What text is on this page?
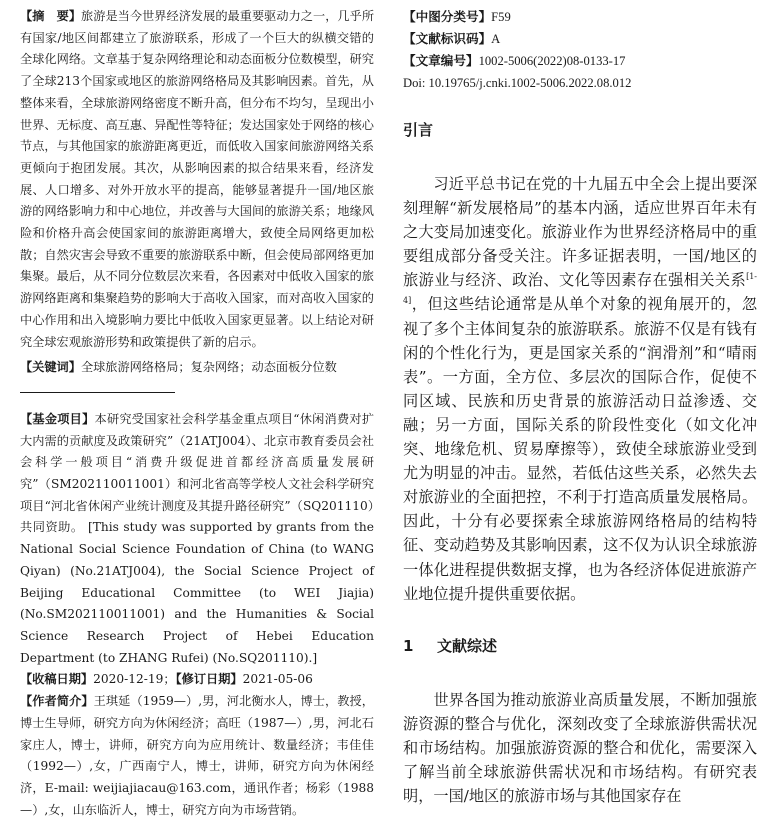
【摘　要】旅游是当今世界经济发展的最重要驱动力之一，几乎所有国家/地区间都建立了旅游联系，形成了一个巨大的纵横交错的全球化网络。文章基于复杂网络理论和动态面板分位数模型，研究了全球213个国家或地区的旅游网络格局及其影响因素。首先，从整体来看，全球旅游网络密度不断升高，但分布不均匀，呈现出小世界、无标度、高互惠、异配性等特征；发达国家处于网络的核心节点，与其他国家的旅游距离更近，而低收入国家间旅游网络关系更倾向于抱团发展。其次，从影响因素的拟合结果来看，经济发展、人口增多、对外开放水平的提高，能够显著提升一国/地区旅游的网络影响力和中心地位，并改善与大国间的旅游关系；地缘风险和价格升高会使国家间的旅游距离增大，致使全局网络更加松散；自然灾害会导致不重要的旅游联系中断，但会使局部网络更加集聚。最后，从不同分位数层次来看，各因素对中低收入国家的旅游网络距离和集聚趋势的影响大于高收入国家，而对高收入国家的中心作用和出入境影响力要比中低收入国家更显著。以上结论对研究全球宏观旅游形势和政策提供了新的启示。

【关键词】全球旅游网络格局；复杂网络；动态面板分位数

【基金项目】本研究受国家社会科学基金重点项目“休闲消费对扩大内需的贡献度及政策研究”（21ATJ004）、北京市教育委员会社会科学一般项目“消费升级促进首都经济高质量发展研究”（SM202110011001）和河北省高等学校人文社会科学研究项目“河北省休闲产业统计测度及其提升路径研究”（SQ201110）共同资助。 [This study was supported by grants from the National Social Science Foundation of China (to WANG Qiyan) (No.21ATJ004), the Social Science Project of Beijing Educational Committee (to WEI Jiajia) (No.SM202110011001) and the Humanities & Social Science Research Project of Hebei Education Department (to ZHANG Rufei) (No.SQ201110).]

【收稿日期】2020-12-19；【修订日期】2021-05-06

【作者简介】王琪延（1959—）,男，河北衡水人，博士，教授，博士生导师，研究方向为休闲经济；高旺（1987—）,男，河北石家庄人，博士，讲师，研究方向为应用统计、数量经济；韦佳佳（1992—）,女，广西南宁人，博士，讲师，研究方向为休闲经济，E-mail: weijiajiacau@163.com，通讯作者；杨彩（1988—）,女，山东临沂人，博士，研究方向为市场营销。

【中图分类号】F59

【文献标识码】A

【文章编号】1002-5006(2022)08-0133-17

Doi: 10.19765/j.cnki.1002-5006.2022.08.012

引言

习近平总书记在党的十九届五中全会上提出要深刻理解“新发展格局”的基本内涵，适应世界百年未有之大变局加速变化。旅游业作为世界经济格局中的重要组成部分备受关注。许多证据表明，一国/地区的旅游业与经济、政治、文化等因素存在强相关关系[1-4]，但这些结论通常是从单个对象的视角展开的，忽视了多个主体间复杂的旅游联系。旅游不仅是有钱有闲的个性化行为，更是国家关系的“润滑剂”和“晴雨表”。一方面，全方位、多层次的国际合作，促使不同区域、民族和历史背景的旅游活动日益渗透、交融；另一方面，国际关系的阶段性变化（如文化冲突、地缘危机、贸易摩擦等），致使全球旅游业受到尤为明显的冲击。显然，若低估这些关系，必然失去对旅游业的全面把控，不利于打造高质量发展格局。因此，十分有必要探索全球旅游网络格局的结构特征、变动趋势及其影响因素，这不仅为认识全球旅游一体化进程提供数据支撑，也为各经济体促进旅游产业地位提升提供重要依据。

1 文献综述

世界各国为推动旅游业高质量发展，不断加强旅游资源的整合与优化，深刻改变了全球旅游供需状况和市场结构。加强旅游资源的整合和优化，需要深入了解当前全球旅游供需状况和市场结构。有研究表明，一国/地区的旅游市场与其他国家存在
